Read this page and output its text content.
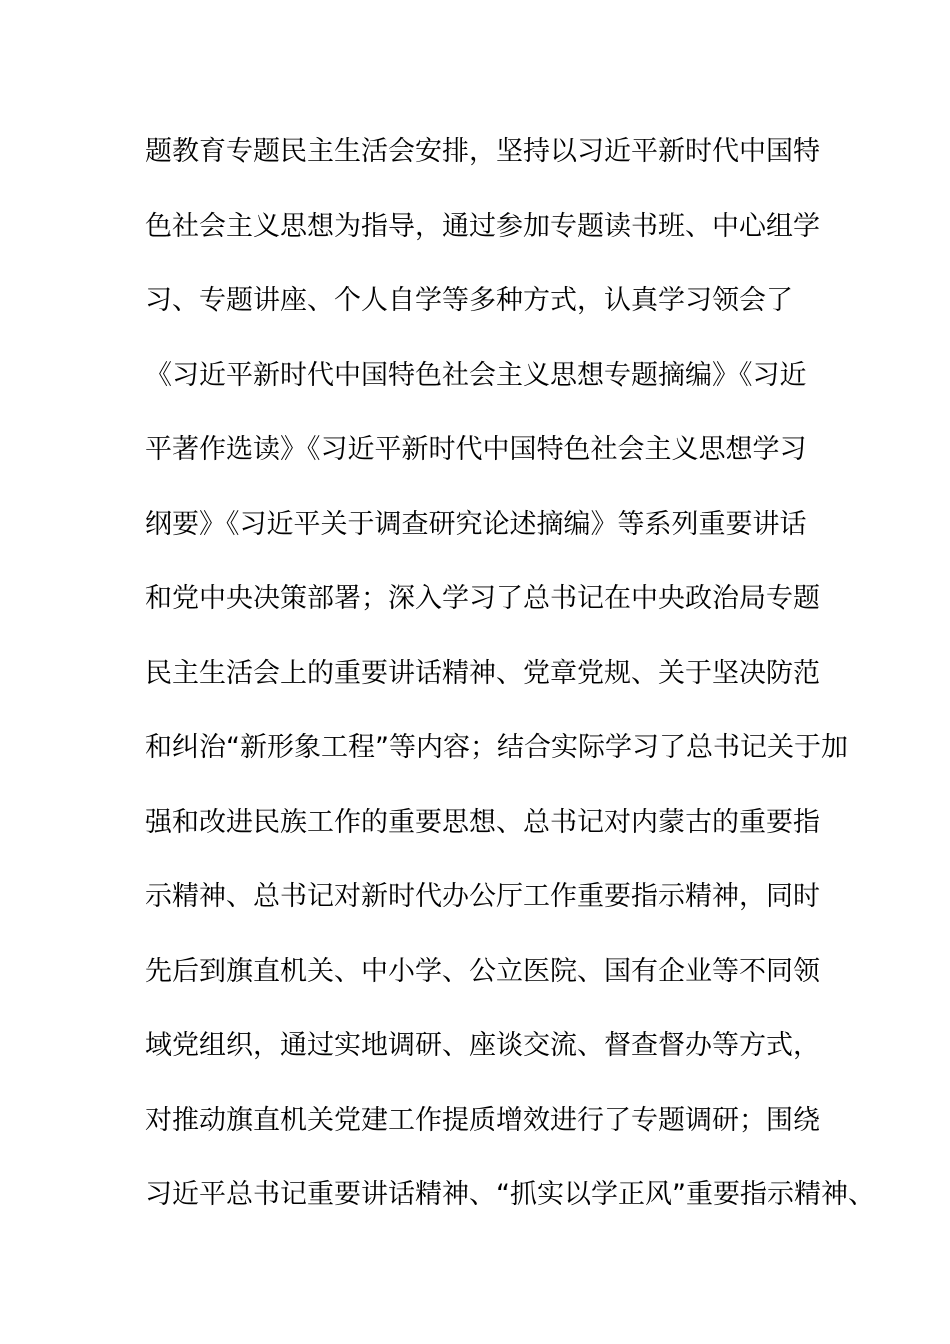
题教育专题民主生活会安排，坚持以习近平新时代中国特
色社会主义思想为指导，通过参加专题读书班、中心组学
习、专题讲座、个人自学等多种方式，认真学习领会了
《习近平新时代中国特色社会主义思想专题摘编》《习近
平著作选读》《习近平新时代中国特色社会主义思想学习
纲要》《习近平关于调查研究论述摘编》等系列重要讲话
和党中央决策部署；深入学习了总书记在中央政治局专题
民主生活会上的重要讲话精神、党章党规、关于坚决防范
和纠治“新形象工程”等内容；结合实际学习了总书记关于加
强和改进民族工作的重要思想、总书记对内蒙古的重要指
示精神、总书记对新时代办公厅工作重要指示精神，同时
先后到旗直机关、中小学、公立医院、国有企业等不同领
域党组织，通过实地调研、座谈交流、督查督办等方式，
对推动旗直机关党建工作提质增效进行了专题调研；围绕
习近平总书记重要讲话精神、“抓实以学正风”重要指示精神、
